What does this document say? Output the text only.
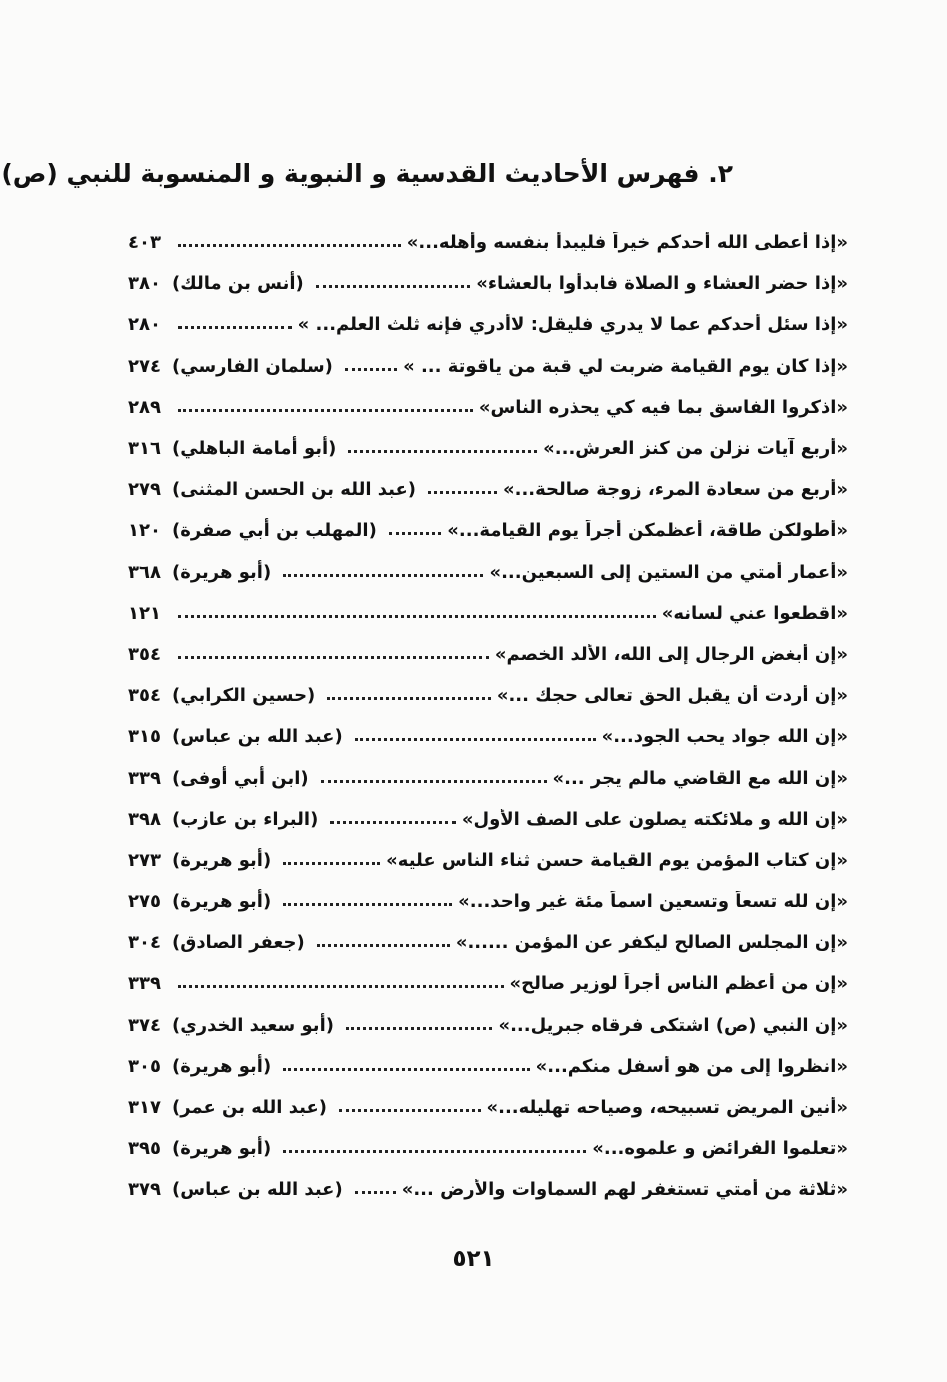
٢. فهرس الأحاديث القدسية و النبوية و المنسوبة للنبي (ص)
«إذا أعطى الله أحدكم خيراً فليبدأ بنفسه وأهله...»
٤٠٣
«إذا حضر العشاء و الصلاة فابدأوا بالعشاء»
(أنس بن مالك)
٣٨٠
«إذا سئل أحدكم عما لا يدري فليقل: لاأدري فإنه ثلث العلم... »
٢٨٠
«إذا كان يوم القيامة ضربت لي قبة من ياقوتة ... »
(سلمان الفارسي)
٢٧٤
«اذكروا الفاسق بما فيه كي يحذره الناس»
٢٨٩
«أربع آيات نزلن من كنز العرش...»
(أبو أمامة الباهلي)
٣١٦
«أربع من سعادة المرء، زوجة صالحة...»
(عبد الله بن الحسن المثنى)
٢٧٩
«أطولكن طاقة، أعظمكن أجراً يوم القيامة...»
(المهلب بن أبي صفرة)
١٢٠
«أعمار أمتي من الستين إلى السبعين...»
(أبو هريرة)
٣٦٨
«اقطعوا عني لسانه»
١٢١
«إن أبغض الرجال إلى الله، الألد الخصم»
٣٥٤
«إن أردت أن يقبل الحق تعالى حجك ...»
(حسين الكرابي)
٣٥٤
«إن الله جواد يحب الجود...»
(عبد الله بن عباس)
٣١٥
«إن الله مع القاضي مالم يجر ...»
(ابن أبي أوفى)
٣٣٩
«إن الله و ملائكته يصلون على الصف الأول»
(البراء بن عازب)
٣٩٨
«إن كتاب المؤمن يوم القيامة حسن ثناء الناس عليه»
(أبو هريرة)
٢٧٣
«إن لله تسعاً وتسعين اسماً مئة غير واحد...»
(أبو هريرة)
٢٧٥
«إن المجلس الصالح ليكفر عن المؤمن ......»
(جعفر الصادق)
٣٠٤
«إن من أعظم الناس أجراً لوزير صالح»
٣٣٩
«إن النبي (ص) اشتكى فرقاه جبريل...»
(أبو سعيد الخدري)
٣٧٤
«انظروا إلى من هو أسفل منكم...»
(أبو هريرة)
٣٠٥
«أنين المريض تسبيحه، وصياحه تهليله...»
(عبد الله بن عمر)
٣١٧
«تعلموا الفرائض و علموه...»
(أبو هريرة)
٣٩٥
«ثلاثة من أمتي تستغفر لهم السماوات والأرض ...»
(عبد الله بن عباس)
٣٧٩
٥٢١
